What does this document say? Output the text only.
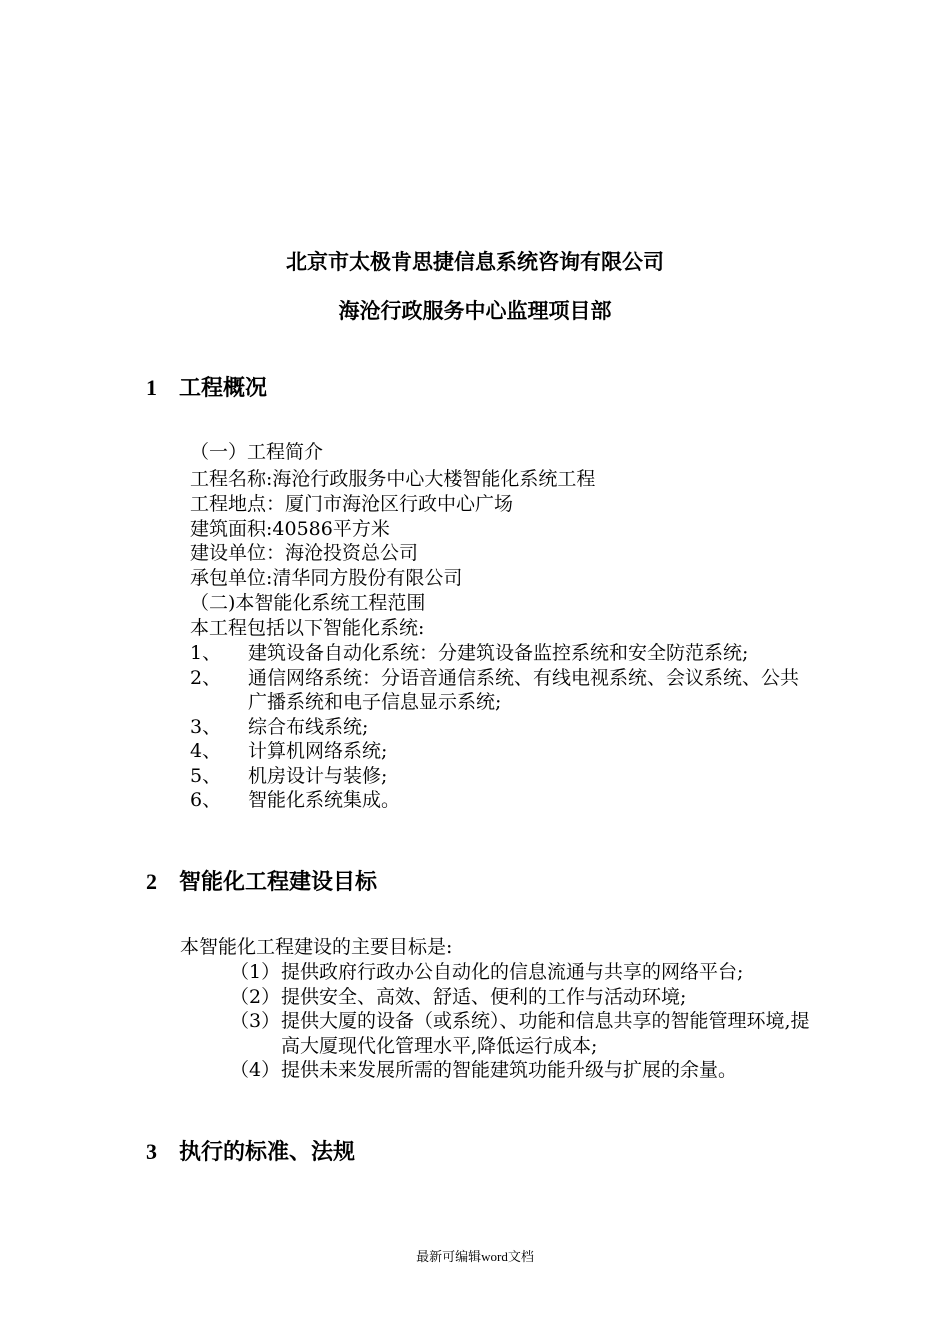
北京市太极肯思捷信息系统咨询有限公司
海沧行政服务中心监理项目部
1 工程概况
（一）工程简介
工程名称:海沧行政服务中心大楼智能化系统工程
工程地点：厦门市海沧区行政中心广场
建筑面积:40586平方米
建设单位：海沧投资总公司
承包单位:清华同方股份有限公司
（二)本智能化系统工程范围
本工程包括以下智能化系统:
1、 建筑设备自动化系统：分建筑设备监控系统和安全防范系统;
2、 通信网络系统：分语音通信系统、有线电视系统、会议系统、公共广播系统和电子信息显示系统;
3、 综合布线系统;
4、 计算机网络系统;
5、 机房设计与装修;
6、 智能化系统集成。
2 智能化工程建设目标
本智能化工程建设的主要目标是:
（1） 提供政府行政办公自动化的信息流通与共享的网络平台;
（2） 提供安全、高效、舒适、便利的工作与活动环境;
（3） 提供大厦的设备（或系统）、功能和信息共享的智能管理环境,提高大厦现代化管理水平,降低运行成本;
（4） 提供未来发展所需的智能建筑功能升级与扩展的余量。
3 执行的标准、法规
最新可编辑word文档
